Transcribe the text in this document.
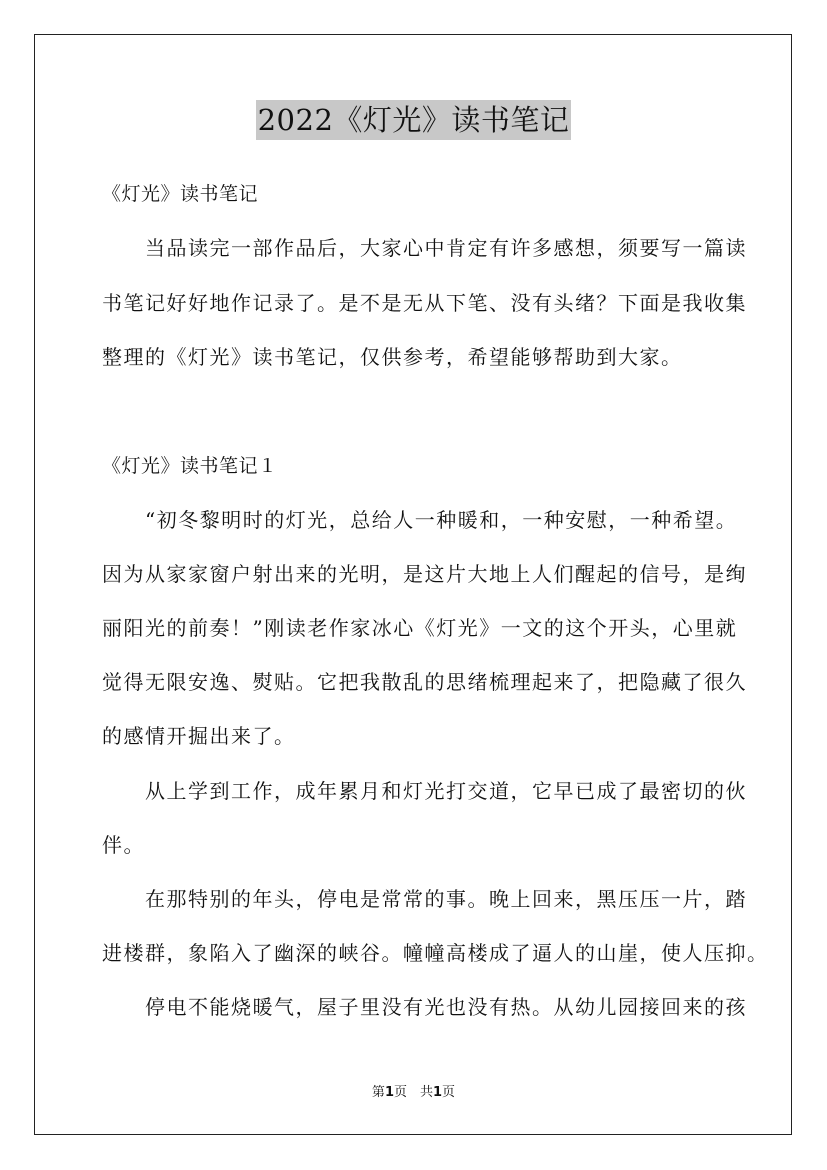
2022《灯光》读书笔记
《灯光》读书笔记
　　当品读完一部作品后，大家心中肯定有许多感想，须要写一篇读
书笔记好好地作记录了。是不是无从下笔、没有头绪？下面是我收集
整理的《灯光》读书笔记，仅供参考，希望能够帮助到大家。
《灯光》读书笔记１
　　“初冬黎明时的灯光，总给人一种暖和，一种安慰，一种希望。
因为从家家窗户射出来的光明，是这片大地上人们醒起的信号，是绚
丽阳光的前奏！”刚读老作家冰心《灯光》一文的这个开头，心里就
觉得无限安逸、熨贴。它把我散乱的思绪梳理起来了，把隐藏了很久
的感情开掘出来了。
　　从上学到工作，成年累月和灯光打交道，它早已成了最密切的伙
伴。
　　在那特别的年头，停电是常常的事。晚上回来，黑压压一片，踏
进楼群，象陷入了幽深的峡谷。幢幢高楼成了逼人的山崖，使人压抑。
　　停电不能烧暖气，屋子里没有光也没有热。从幼儿园接回来的孩
第1页　共1页
